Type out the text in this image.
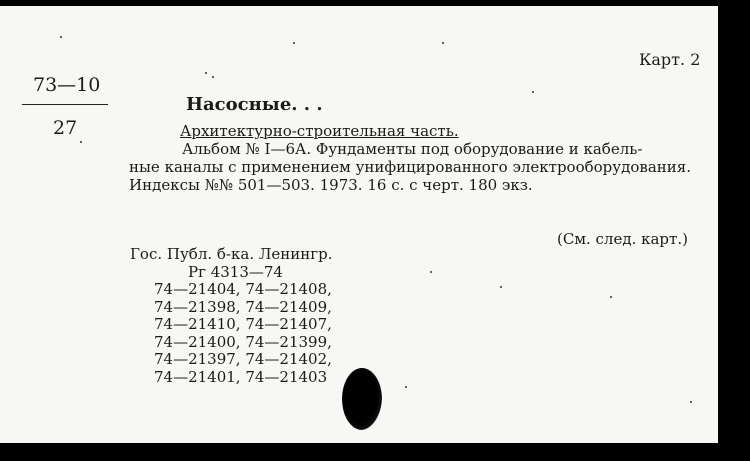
73—10
27
Карт. 2
Насосные. . .
Архитектурно-строительная часть.
Альбом № I—6А. Фундаменты под оборудование и кабель-
ные каналы с применением унифицированного электрооборудования.
Индексы №№ 501—503. 1973. 16 с. с черт. 180 экз.
(См. след. карт.)
Гос. Публ. б-ка. Ленингр.
Рг 4313—74
74—21404, 74—21408,
74—21398, 74—21409,
74—21410, 74—21407,
74—21400, 74—21399,
74—21397, 74—21402,
74—21401, 74—21403
